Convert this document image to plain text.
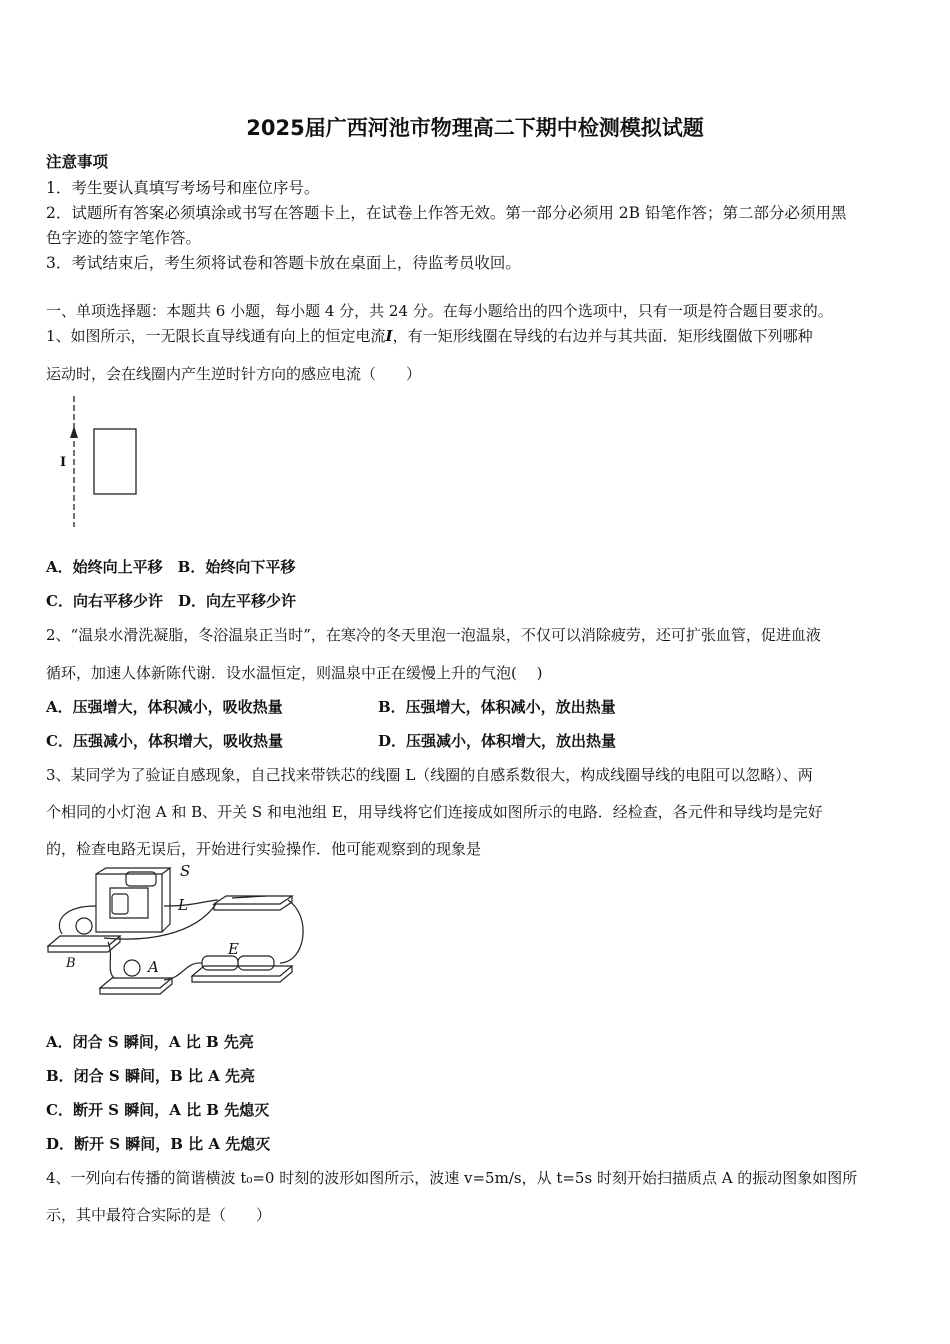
2025届广西河池市物理高二下期中检测模拟试题
注意事项
1．考生要认真填写考场号和座位序号。
2．试题所有答案必须填涂或书写在答题卡上，在试卷上作答无效。第一部分必须用 2B 铅笔作答；第二部分必须用黑
色字迹的签字笔作答。
3．考试结束后，考生须将试卷和答题卡放在桌面上，待监考员收回。
一、单项选择题：本题共 6 小题，每小题 4 分，共 24 分。在每小题给出的四个选项中，只有一项是符合题目要求的。
1、如图所示，一无限长直导线通有向上的恒定电流I，有一矩形线圈在导线的右边并与其共面．矩形线圈做下列哪种
运动时，会在线圈内产生逆时针方向的感应电流（　　）
I
A．始终向上平移　B．始终向下平移
C．向右平移少许　D．向左平移少许
2、“温泉水滑洗凝脂，冬浴温泉正当时”，在寒冷的冬天里泡一泡温泉，不仅可以消除疲劳，还可扩张血管，促进血液
循环，加速人体新陈代谢．设水温恒定，则温泉中正在缓慢上升的气泡(　 )
A．压强增大，体积减小，吸收热量	B．压强增大，体积减小，放出热量
C．压强减小，体积增大，吸收热量	D．压强减小，体积增大，放出热量
3、某同学为了验证自感现象，自己找来带铁芯的线圈 L（线圈的自感系数很大，构成线圈导线的电阻可以忽略）、两
个相同的小灯泡 A 和 B、开关 S 和电池组 E，用导线将它们连接成如图所示的电路．经检查，各元件和导线均是完好
的，检查电路无误后，开始进行实验操作．他可能观察到的现象是
S
L
E
A
B
A．闭合 S 瞬间，A 比 B 先亮
B．闭合 S 瞬间，B 比 A 先亮
C．断开 S 瞬间，A 比 B 先熄灭
D．断开 S 瞬间，B 比 A 先熄灭
4、一列向右传播的简谐横波 t₀=0 时刻的波形如图所示，波速 v=5m/s，从 t=5s 时刻开始扫描质点 A 的振动图象如图所
示，其中最符合实际的是（　　）
